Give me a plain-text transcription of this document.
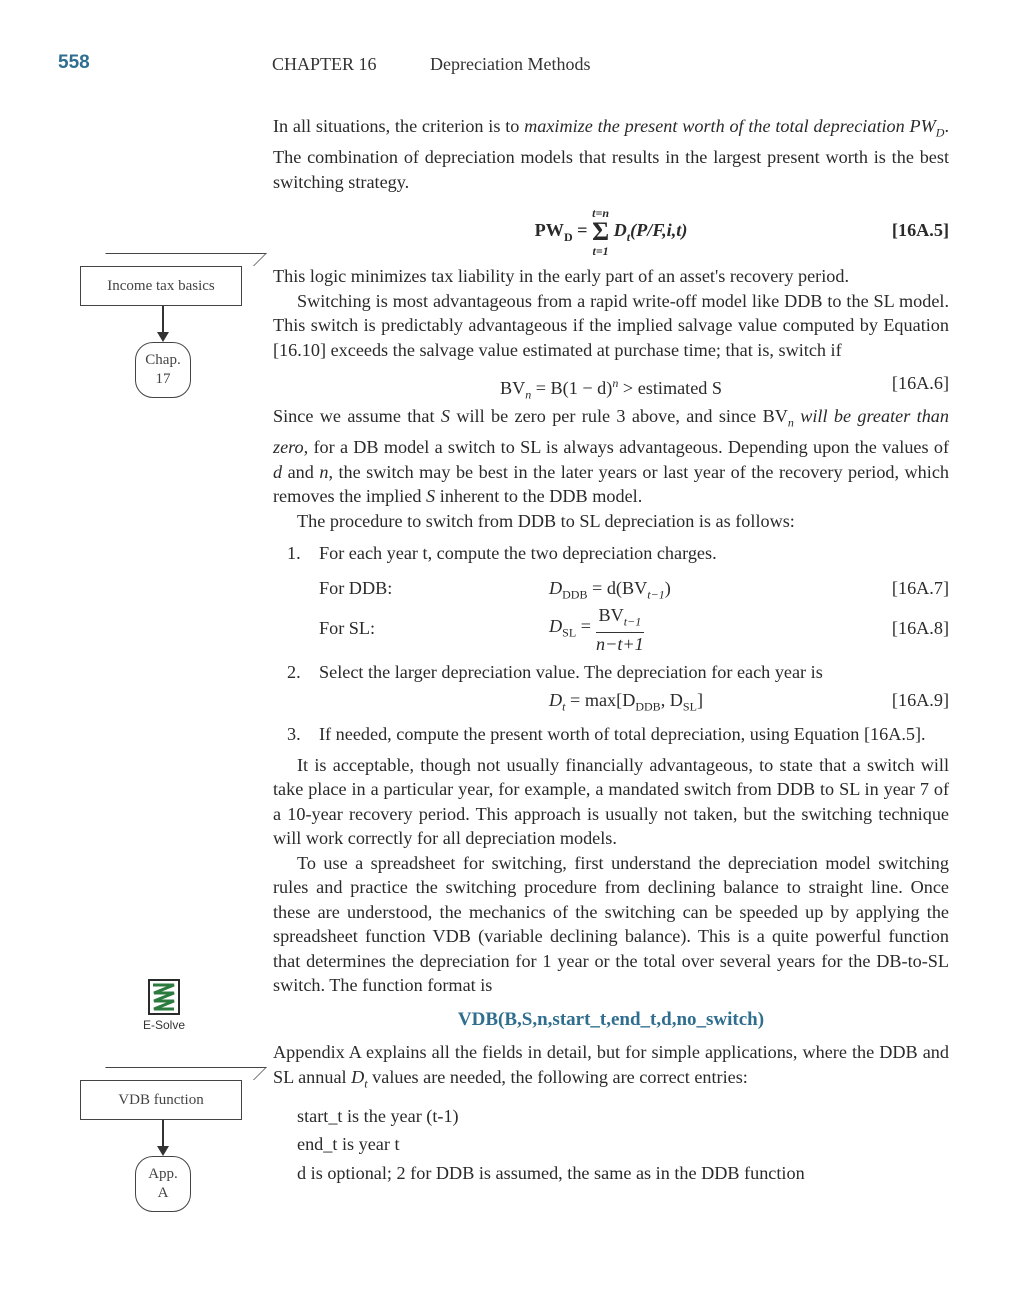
558	CHAPTER 16	Depreciation Methods
Income tax basics
Chap.
17
E-Solve
VDB function
App.
A

In all situations, the criterion is to maximize the present worth of the total depreciation $PW_D$. The combination of depreciation models that results in the largest present worth is the best switching strategy.

$PW_D$ =
t=n
Σ
t=1
$D_t(P/F,i,t)$	[16A.5]

This logic minimizes tax liability in the early part of an asset's recovery period.

Switching is most advantageous from a rapid write-off model like DDB to the SL model. This switch is predictably advantageous if the implied salvage value computed by Equation [16.10] exceeds the salvage value estimated at purchase time; that is, switch if

$BV_n = B(1 - d)^n$ > estimated S	[16A.6]

Since we assume that S will be zero per rule 3 above, and since $BV_n$ will be greater than zero, for a DB model a switch to SL is always advantageous. Depending upon the values of d and n, the switch may be best in the later years or last year of the recovery period, which removes the implied S inherent to the DDB model.

The procedure to switch from DDB to SL depreciation is as follows:

1. For each year t, compute the two depreciation charges.
For DDB:	$D_{DDB} = d(BV_{t-1})$	[16A.7]
For SL:	$D_{SL} = \frac{BV_{t-1}}{n-t+1}$	[16A.8]
2. Select the larger depreciation value. The depreciation for each year is
$D_t = \max[D_{DDB}$, $D_{SL}$]	[16A.9]
3. If needed, compute the present worth of total depreciation, using Equation [16A.5].

It is acceptable, though not usually financially advantageous, to state that a switch will take place in a particular year, for example, a mandated switch from DDB to SL in year 7 of a 10-year recovery period. This approach is usually not taken, but the switching technique will work correctly for all depreciation models.

To use a spreadsheet for switching, first understand the depreciation model switching rules and practice the switching procedure from declining balance to straight line. Once these are understood, the mechanics of the switching can be speeded up by applying the spreadsheet function VDB (variable declining balance). This is a quite powerful function that determines the depreciation for 1 year or the total over several years for the DB-to-SL switch. The function format is

VDB(B,S,n,start_t,end_t,d,no_switch)

Appendix A explains all the fields in detail, but for simple applications, where the DDB and SL annual $D_t$ values are needed, the following are correct entries:

start_t is the year (t-1)

end_t is year t

d is optional; 2 for DDB is assumed, the same as in the DDB function
